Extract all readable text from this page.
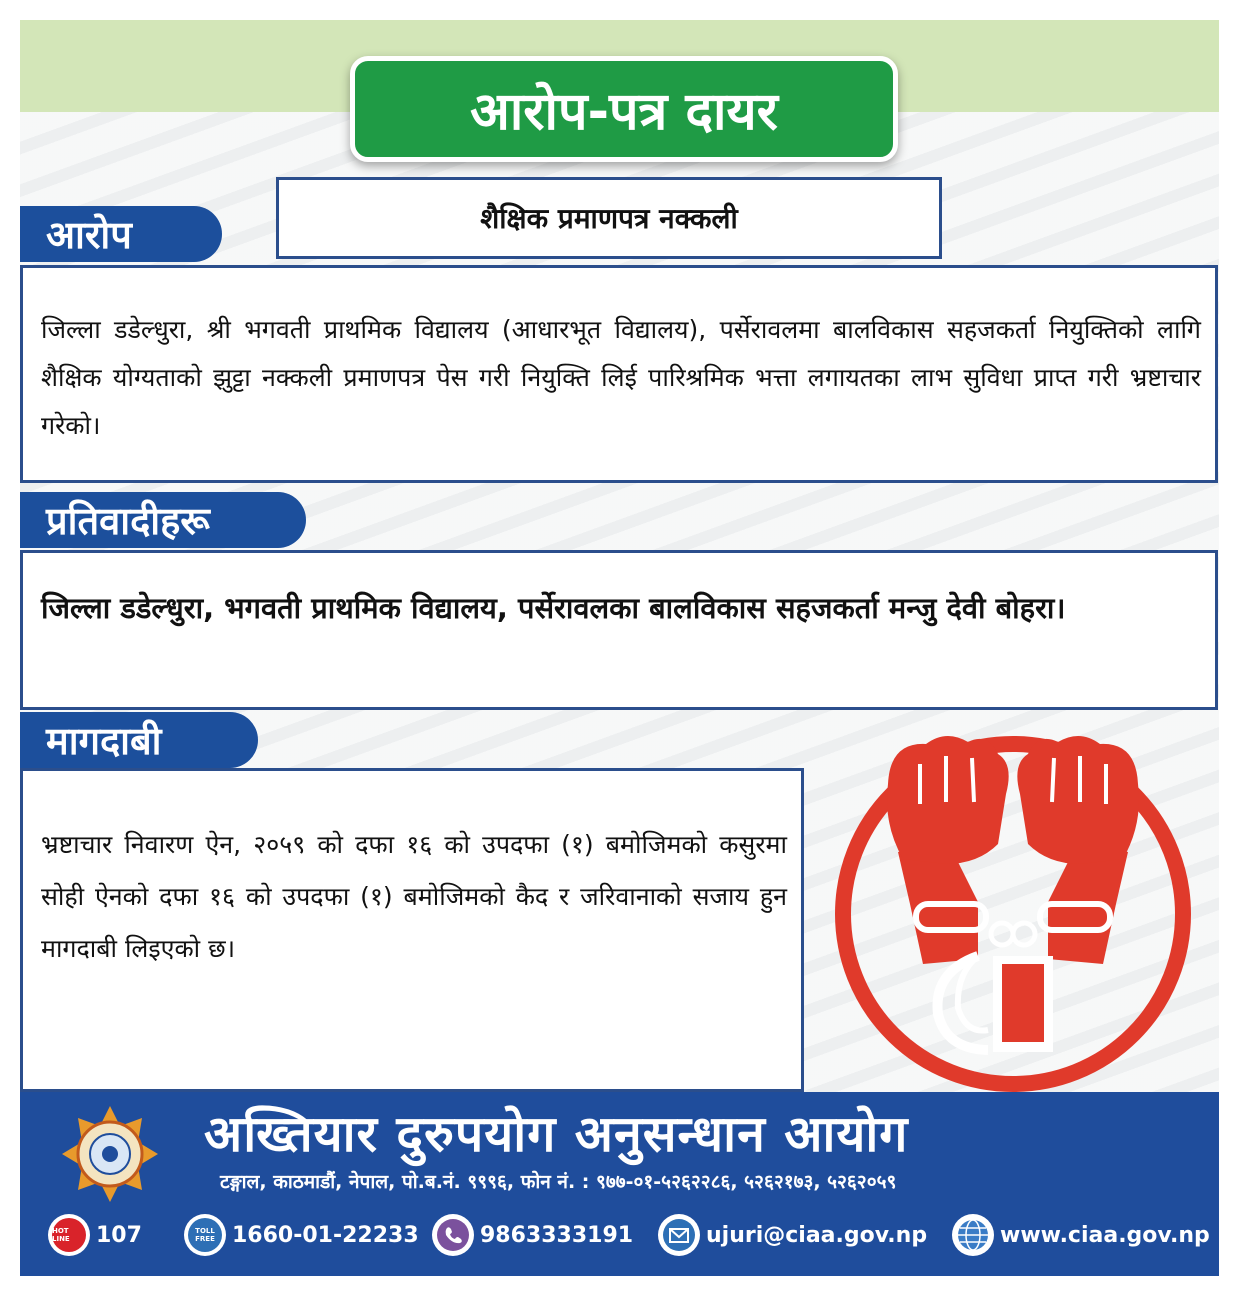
आरोप-पत्र दायर
शैक्षिक प्रमाणपत्र नक्कली
आरोप

जिल्ला डडेल्धुरा, श्री भगवती प्राथमिक विद्यालय (आधारभूत विद्यालय), पर्सेरावलमा बालविकास सहजकर्ता नियुक्तिको लागि शैक्षिक योग्यताको झुट्टा नक्कली प्रमाणपत्र पेस गरी नियुक्ति लिई पारिश्रमिक भत्ता लगायतका लाभ सुविधा प्राप्त गरी भ्रष्टाचार गरेको।

प्रतिवादीहरू

जिल्ला डडेल्धुरा, भगवती प्राथमिक विद्यालय, पर्सेरावलका बालविकास सहजकर्ता मन्जु देवी बोहरा।

मागदाबी

भ्रष्टाचार निवारण ऐन, २०५९ को दफा १६ को उपदफा (१) बमोजिमको कसुरमा सोही ऐनको दफा १६ को उपदफा (१) बमोजिमको कैद र जरिवानाको सजाय हुन मागदाबी लिइएको छ।

अख्तियार दुरुपयोग अनुसन्धान आयोग
टङ्गाल, काठमाडौं, नेपाल, पो.ब.नं. ९९९६, फोन नं. : ९७७-०१-५२६२२८६, ५२६२१७३, ५२६२०५९
HOT LINE	107	TOLL FREE 1660-01-22233	9863333191	ujuri@ciaa.gov.np	www.ciaa.gov.np
